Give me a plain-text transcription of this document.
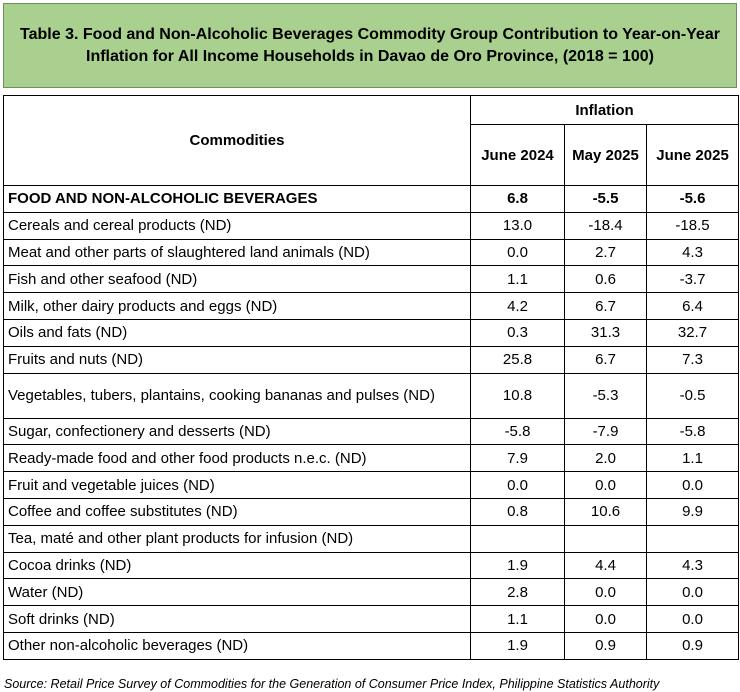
Table 3. Food and Non-Alcoholic Beverages Commodity Group Contribution to Year-on-Year Inflation for All Income Households in Davao de Oro Province, (2018 = 100)
Commodities	Inflation		
	June 2024	May 2025	June 2025
FOOD AND NON-ALCOHOLIC BEVERAGES	6.8	-5.5	-5.6
Cereals and cereal products (ND)	13.0	-18.4	-18.5
Meat and other parts of slaughtered land animals (ND)	0.0	2.7	4.3
Fish and other seafood (ND)	1.1	0.6	-3.7
Milk, other dairy products and eggs (ND)	4.2	6.7	6.4
Oils and fats (ND)	0.3	31.3	32.7
Fruits and nuts (ND)	25.8	6.7	7.3
Vegetables, tubers, plantains, cooking bananas and pulses (ND)	10.8	-5.3	-0.5
Sugar, confectionery and desserts (ND)	-5.8	-7.9	-5.8
Ready-made food and other food products n.e.c. (ND)	7.9	2.0	1.1
Fruit and vegetable juices (ND)	0.0	0.0	0.0
Coffee and coffee substitutes (ND)	0.8	10.6	9.9
Tea, maté and other plant products for infusion (ND)			
Cocoa drinks (ND)	1.9	4.4	4.3
Water (ND)	2.8	0.0	0.0
Soft drinks (ND)	1.1	0.0	0.0
Other non-alcoholic beverages (ND)	1.9	0.9	0.9
Source: Retail Price Survey of Commodities for the Generation of Consumer Price Index, Philippine Statistics Authority
